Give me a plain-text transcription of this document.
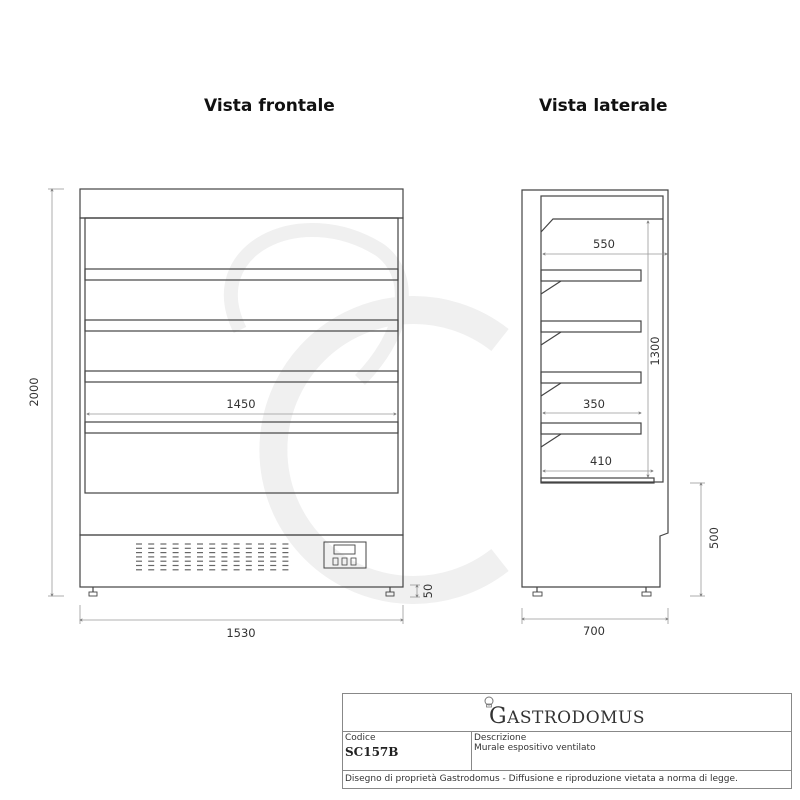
Vista frontale	Vista laterale
2000	1450
1530
50
550
350
410
1300
500
700
GASTRODOMUS
Codice
SC157B
Descrizione
Murale espositivo ventilato
Disegno di proprietà Gastrodomus - Diffusione e riproduzione vietata a norma di legge.
